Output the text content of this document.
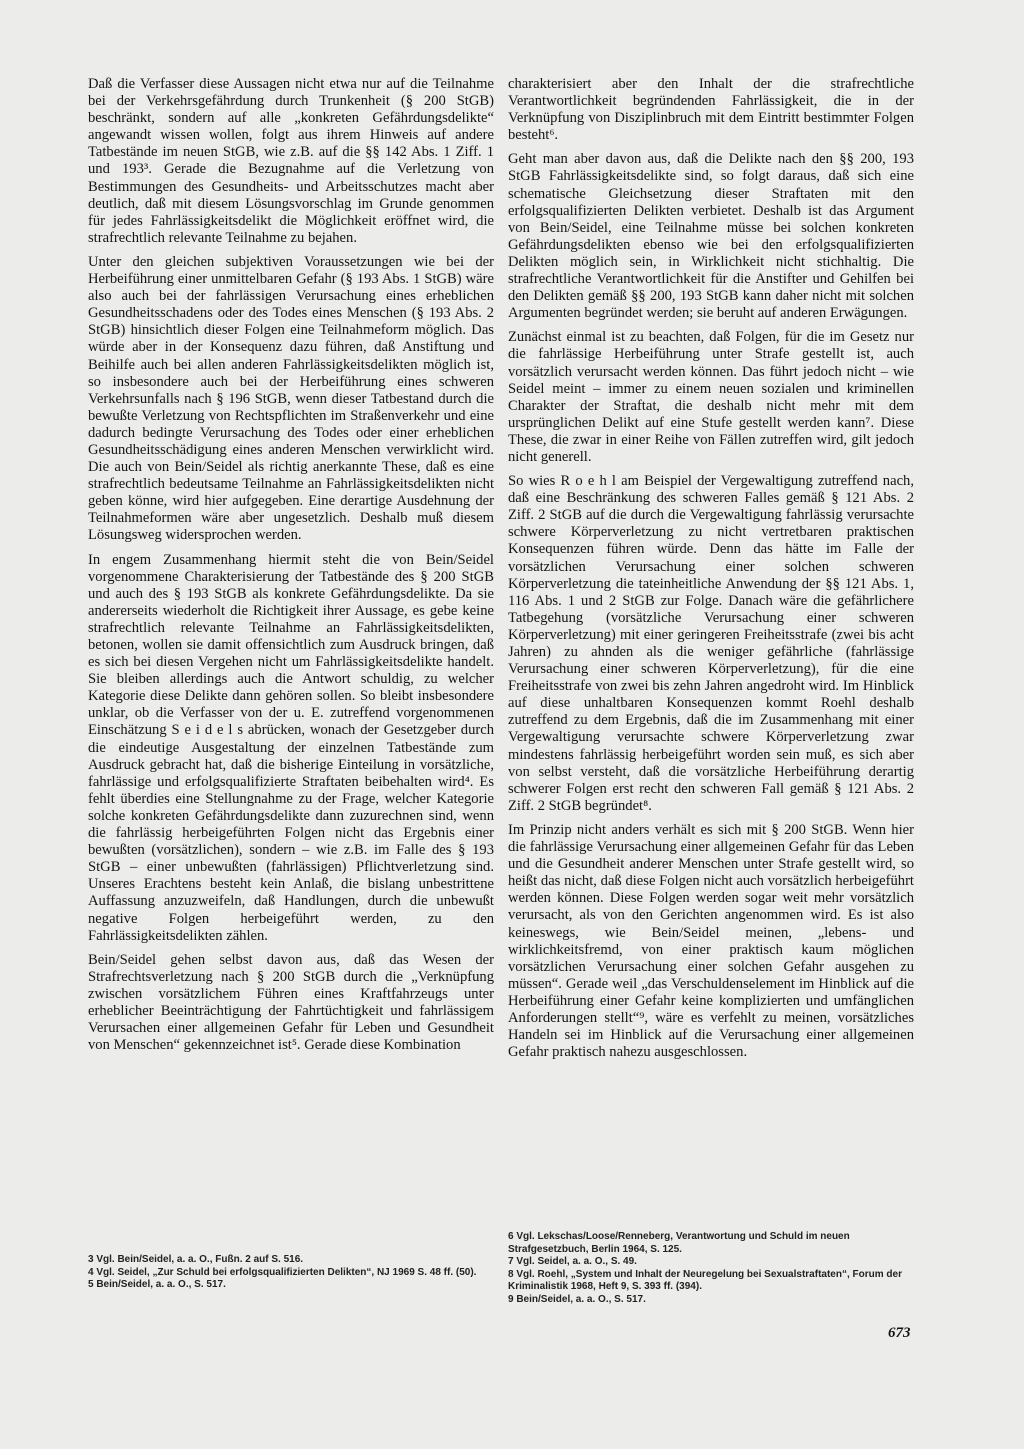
Daß die Verfasser diese Aussagen nicht etwa nur auf die Teilnahme bei der Verkehrsgefährdung durch Trunkenheit (§ 200 StGB) beschränkt, sondern auf alle „konkreten Gefährdungsdelikte“ angewandt wissen wollen, folgt aus ihrem Hinweis auf andere Tatbestände im neuen StGB, wie z.B. auf die §§ 142 Abs. 1 Ziff. 1 und 193³. Gerade die Bezugnahme auf die Verletzung von Bestimmungen des Gesundheits- und Arbeitsschutzes macht aber deutlich, daß mit diesem Lösungsvorschlag im Grunde genommen für jedes Fahrlässigkeitsdelikt die Möglichkeit eröffnet wird, die strafrechtlich relevante Teilnahme zu bejahen.

Unter den gleichen subjektiven Voraussetzungen wie bei der Herbeiführung einer unmittelbaren Gefahr (§ 193 Abs. 1 StGB) wäre also auch bei der fahrlässigen Verursachung eines erheblichen Gesundheitsschadens oder des Todes eines Menschen (§ 193 Abs. 2 StGB) hinsichtlich dieser Folgen eine Teilnahmeform möglich. Das würde aber in der Konsequenz dazu führen, daß Anstiftung und Beihilfe auch bei allen anderen Fahrlässigkeitsdelikten möglich ist, so insbesondere auch bei der Herbeiführung eines schweren Verkehrsunfalls nach § 196 StGB, wenn dieser Tatbestand durch die bewußte Verletzung von Rechtspflichten im Straßenverkehr und eine dadurch bedingte Verursachung des Todes oder einer erheblichen Gesundheitsschädigung eines anderen Menschen verwirklicht wird. Die auch von Bein/Seidel als richtig anerkannte These, daß es eine strafrechtlich bedeutsame Teilnahme an Fahrlässigkeitsdelikten nicht geben könne, wird hier aufgegeben. Eine derartige Ausdehnung der Teilnahmeformen wäre aber ungesetzlich. Deshalb muß diesem Lösungsweg widersprochen werden.

In engem Zusammenhang hiermit steht die von Bein/Seidel vorgenommene Charakterisierung der Tatbestände des § 200 StGB und auch des § 193 StGB als konkrete Gefährdungsdelikte. Da sie andererseits wiederholt die Richtigkeit ihrer Aussage, es gebe keine strafrechtlich relevante Teilnahme an Fahrlässigkeitsdelikten, betonen, wollen sie damit offensichtlich zum Ausdruck bringen, daß es sich bei diesen Vergehen nicht um Fahrlässigkeitsdelikte handelt. Sie bleiben allerdings auch die Antwort schuldig, zu welcher Kategorie diese Delikte dann gehören sollen. So bleibt insbesondere unklar, ob die Verfasser von der u. E. zutreffend vorgenommenen Einschätzung S e i d e l s abrücken, wonach der Gesetzgeber durch die eindeutige Ausgestaltung der einzelnen Tatbestände zum Ausdruck gebracht hat, daß die bisherige Einteilung in vorsätzliche, fahrlässige und erfolgsqualifizierte Straftaten beibehalten wird⁴. Es fehlt überdies eine Stellungnahme zu der Frage, welcher Kategorie solche konkreten Gefährdungsdelikte dann zuzurechnen sind, wenn die fahrlässig herbeigeführten Folgen nicht das Ergebnis einer bewußten (vorsätzlichen), sondern – wie z.B. im Falle des § 193 StGB – einer unbewußten (fahrlässigen) Pflichtverletzung sind. Unseres Erachtens besteht kein Anlaß, die bislang unbestrittene Auffassung anzuzweifeln, daß Handlungen, durch die unbewußt negative Folgen herbeigeführt werden, zu den Fahrlässigkeitsdelikten zählen.

Bein/Seidel gehen selbst davon aus, daß das Wesen der Strafrechtsverletzung nach § 200 StGB durch die „Verknüpfung zwischen vorsätzlichem Führen eines Kraftfahrzeugs unter erheblicher Beeinträchtigung der Fahrtüchtigkeit und fahrlässigem Verursachen einer allgemeinen Gefahr für Leben und Gesundheit von Menschen“ gekennzeichnet ist⁵. Gerade diese Kombination

3 Vgl. Bein/Seidel, a. a. O., Fußn. 2 auf S. 516.

4 Vgl. Seidel, „Zur Schuld bei erfolgsqualifizierten Delikten“, NJ 1969 S. 48 ff. (50).

5 Bein/Seidel, a. a. O., S. 517.

charakterisiert aber den Inhalt der die strafrechtliche Verantwortlichkeit begründenden Fahrlässigkeit, die in der Verknüpfung von Disziplinbruch mit dem Eintritt bestimmter Folgen besteht⁶.

Geht man aber davon aus, daß die Delikte nach den §§ 200, 193 StGB Fahrlässigkeitsdelikte sind, so folgt daraus, daß sich eine schematische Gleichsetzung dieser Straftaten mit den erfolgsqualifizierten Delikten verbietet. Deshalb ist das Argument von Bein/Seidel, eine Teilnahme müsse bei solchen konkreten Gefährdungsdelikten ebenso wie bei den erfolgsqualifizierten Delikten möglich sein, in Wirklichkeit nicht stichhaltig. Die strafrechtliche Verantwortlichkeit für die Anstifter und Gehilfen bei den Delikten gemäß §§ 200, 193 StGB kann daher nicht mit solchen Argumenten begründet werden; sie beruht auf anderen Erwägungen.

Zunächst einmal ist zu beachten, daß Folgen, für die im Gesetz nur die fahrlässige Herbeiführung unter Strafe gestellt ist, auch vorsätzlich verursacht werden können. Das führt jedoch nicht – wie Seidel meint – immer zu einem neuen sozialen und kriminellen Charakter der Straftat, die deshalb nicht mehr mit dem ursprünglichen Delikt auf eine Stufe gestellt werden kann⁷. Diese These, die zwar in einer Reihe von Fällen zutreffen wird, gilt jedoch nicht generell.

So wies R o e h l am Beispiel der Vergewaltigung zutreffend nach, daß eine Beschränkung des schweren Falles gemäß § 121 Abs. 2 Ziff. 2 StGB auf die durch die Vergewaltigung fahrlässig verursachte schwere Körperverletzung zu nicht vertretbaren praktischen Konsequenzen führen würde. Denn das hätte im Falle der vorsätzlichen Verursachung einer solchen schweren Körperverletzung die tateinheitliche Anwendung der §§ 121 Abs. 1, 116 Abs. 1 und 2 StGB zur Folge. Danach wäre die gefährlichere Tatbegehung (vorsätzliche Verursachung einer schweren Körperverletzung) mit einer geringeren Freiheitsstrafe (zwei bis acht Jahren) zu ahnden als die weniger gefährliche (fahrlässige Verursachung einer schweren Körperverletzung), für die eine Freiheitsstrafe von zwei bis zehn Jahren angedroht wird. Im Hinblick auf diese unhaltbaren Konsequenzen kommt Roehl deshalb zutreffend zu dem Ergebnis, daß die im Zusammenhang mit einer Vergewaltigung verursachte schwere Körperverletzung zwar mindestens fahrlässig herbeigeführt worden sein muß, es sich aber von selbst versteht, daß die vorsätzliche Herbeiführung derartig schwerer Folgen erst recht den schweren Fall gemäß § 121 Abs. 2 Ziff. 2 StGB begründet⁸.

Im Prinzip nicht anders verhält es sich mit § 200 StGB. Wenn hier die fahrlässige Verursachung einer allgemeinen Gefahr für das Leben und die Gesundheit anderer Menschen unter Strafe gestellt wird, so heißt das nicht, daß diese Folgen nicht auch vorsätzlich herbeigeführt werden können. Diese Folgen werden sogar weit mehr vorsätzlich verursacht, als von den Gerichten angenommen wird. Es ist also keineswegs, wie Bein/Seidel meinen, „lebens- und wirklichkeitsfremd, von einer praktisch kaum möglichen vorsätzlichen Verursachung einer solchen Gefahr ausgehen zu müssen“. Gerade weil „das Verschuldenselement im Hinblick auf die Herbeiführung einer Gefahr keine komplizierten und umfänglichen Anforderungen stellt“⁹, wäre es verfehlt zu meinen, vorsätzliches Handeln sei im Hinblick auf die Verursachung einer allgemeinen Gefahr praktisch nahezu ausgeschlossen.

6 Vgl. Lekschas/Loose/Renneberg, Verantwortung und Schuld im neuen Strafgesetzbuch, Berlin 1964, S. 125.

7 Vgl. Seidel, a. a. O., S. 49.

8 Vgl. Roehl, „System und Inhalt der Neuregelung bei Sexualstraftaten“, Forum der Kriminalistik 1968, Heft 9, S. 393 ff. (394).

9 Bein/Seidel, a. a. O., S. 517.

673
